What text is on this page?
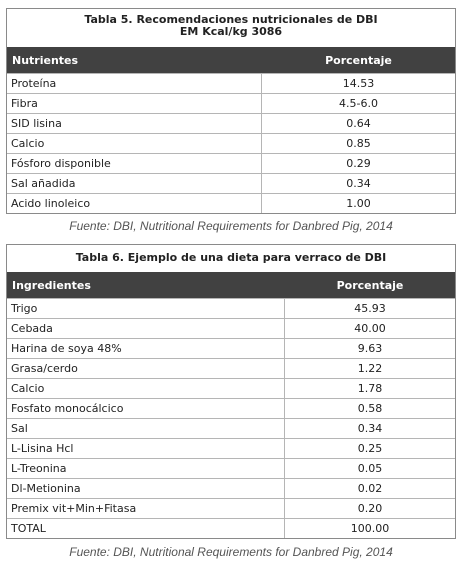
Tabla 5. Recomendaciones nutricionales de DBI
EM Kcal/kg 3086
Nutrientes	Porcentaje
Proteína	14.53
Fibra	4.5-6.0
SID lisina	0.64
Calcio	0.85
Fósforo disponible	0.29
Sal añadida	0.34
Acido linoleico	1.00
Fuente: DBI, Nutritional Requirements for Danbred Pig, 2014
Tabla 6. Ejemplo de una dieta para verraco de DBI
Ingredientes	Porcentaje
Trigo	45.93
Cebada	40.00
Harina de soya 48%	9.63
Grasa/cerdo	1.22
Calcio	1.78
Fosfato monocálcico	0.58
Sal	0.34
L-Lisina Hcl	0.25
L-Treonina	0.05
Dl-Metionina	0.02
Premix vit+Min+Fitasa	0.20
TOTAL	100.00
Fuente: DBI, Nutritional Requirements for Danbred Pig, 2014
